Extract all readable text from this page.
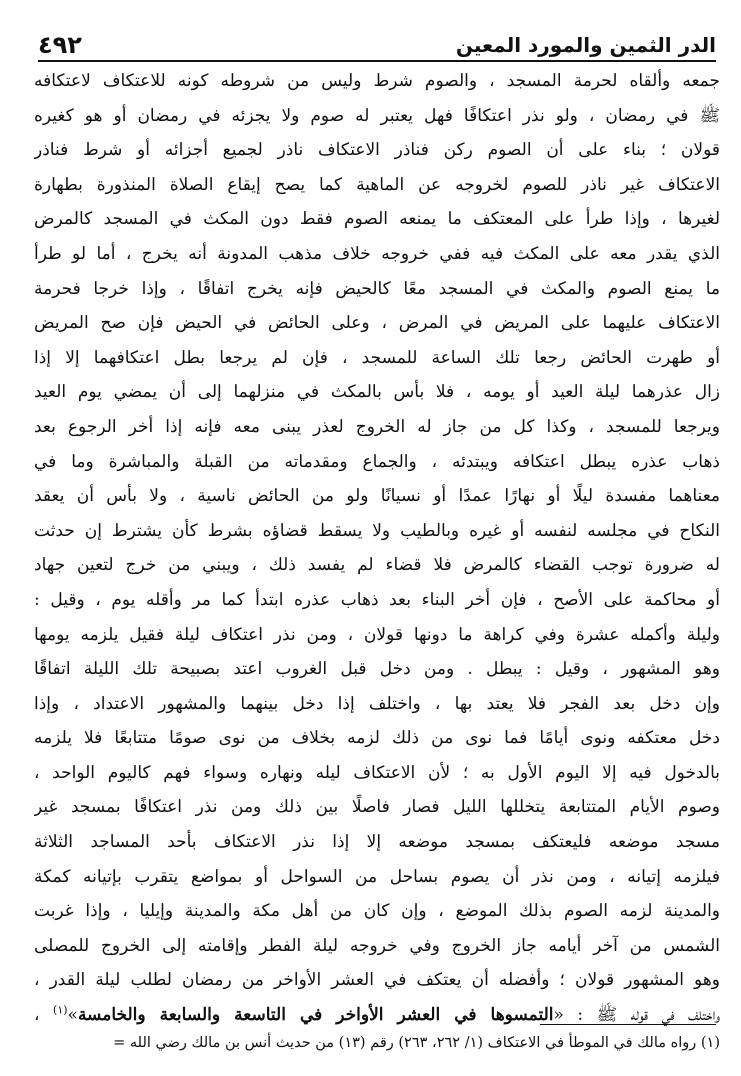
٤٩٢	الدر الثمين والمورد المعين
جمعه وألقاه لحرمة المسجد ، والصوم شرط وليس من شروطه كونه للاعتكاف لاعتكافه
ﷺ في رمضان ، ولو نذر اعتكافًا فهل يعتبر له صوم ولا يجزئه في رمضان أو هو كغيره
قولان ؛ بناء على أن الصوم ركن فناذر الاعتكاف ناذر لجميع أجزائه أو شرط فناذر
الاعتكاف غير ناذر للصوم لخروجه عن الماهية كما يصح إيقاع الصلاة المنذورة بطهارة
لغيرها ، وإذا طرأ على المعتكف ما يمنعه الصوم فقط دون المكث في المسجد كالمرض
الذي يقدر معه على المكث فيه ففي خروجه خلاف مذهب المدونة أنه يخرج ، أما لو طرأ
ما يمنع الصوم والمكث في المسجد معًا كالحيض فإنه يخرج اتفاقًا ، وإذا خرجا فحرمة
الاعتكاف عليهما على المريض في المرض ، وعلى الحائض في الحيض فإن صح المريض
أو طهرت الحائض رجعا تلك الساعة للمسجد ، فإن لم يرجعا بطل اعتكافهما إلا إذا
زال عذرهما ليلة العيد أو يومه ، فلا بأس بالمكث في منزلهما إلى أن يمضي يوم العيد
ويرجعا للمسجد ، وكذا كل من جاز له الخروج لعذر يبنى معه فإنه إذا أخر الرجوع بعد
ذهاب عذره يبطل اعتكافه ويبتدئه ، والجماع ومقدماته من القبلة والمباشرة وما في
معناهما مفسدة ليلًا أو نهارًا عمدًا أو نسيانًا ولو من الحائض ناسية ، ولا بأس أن يعقد
النكاح في مجلسه لنفسه أو غيره وبالطيب ولا يسقط قضاؤه بشرط كأن يشترط إن حدثت
له ضرورة توجب القضاء كالمرض فلا قضاء لم يفسد ذلك ، ويبني من خرج لتعين جهاد
أو محاكمة على الأصح ، فإن أخر البناء بعد ذهاب عذره ابتدأ كما مر وأقله يوم ، وقيل :
وليلة وأكمله عشرة وفي كراهة ما دونها قولان ، ومن نذر اعتكاف ليلة فقيل يلزمه يومها
وهو المشهور ، وقيل : يبطل . ومن دخل قبل الغروب اعتد بصبيحة تلك الليلة اتفاقًا
وإن دخل بعد الفجر فلا يعتد بها ، واختلف إذا دخل بينهما والمشهور الاعتداد ، وإذا
دخل معتكفه ونوى أيامًا فما نوى من ذلك لزمه بخلاف من نوى صومًا متتابعًا فلا يلزمه
بالدخول فيه إلا اليوم الأول به ؛ لأن الاعتكاف ليله ونهاره وسواء فهم كاليوم الواحد ،
وصوم الأيام المتتابعة يتخللها الليل فصار فاصلًا بين ذلك ومن نذر اعتكافًا بمسجد غير
مسجد موضعه فليعتكف بمسجد موضعه إلا إذا نذر الاعتكاف بأحد المساجد الثلاثة
فيلزمه إتيانه ، ومن نذر أن يصوم بساحل من السواحل أو بمواضع يتقرب بإتيانه كمكة
والمدينة لزمه الصوم بذلك الموضع ، وإن كان من أهل مكة والمدينة وإيليا ، وإذا غربت
الشمس من آخر أيامه جاز الخروج وفي خروجه ليلة الفطر وإقامته إلى الخروج للمصلى
وهو المشهور قولان ؛ وأفضله أن يعتكف في العشر الأواخر من رمضان لطلب ليلة القدر ،
واختلف في قوله ﷺ : «التمسوها في العشر الأواخر في التاسعة والسابعة والخامسة»$^{(١)}$ ،
(١) رواه مالك في الموطأ في الاعتكاف (١/ ٢٦٢، ٢٦٣) رقم (١٣) من حديث أنس بن مالك رضي الله =
